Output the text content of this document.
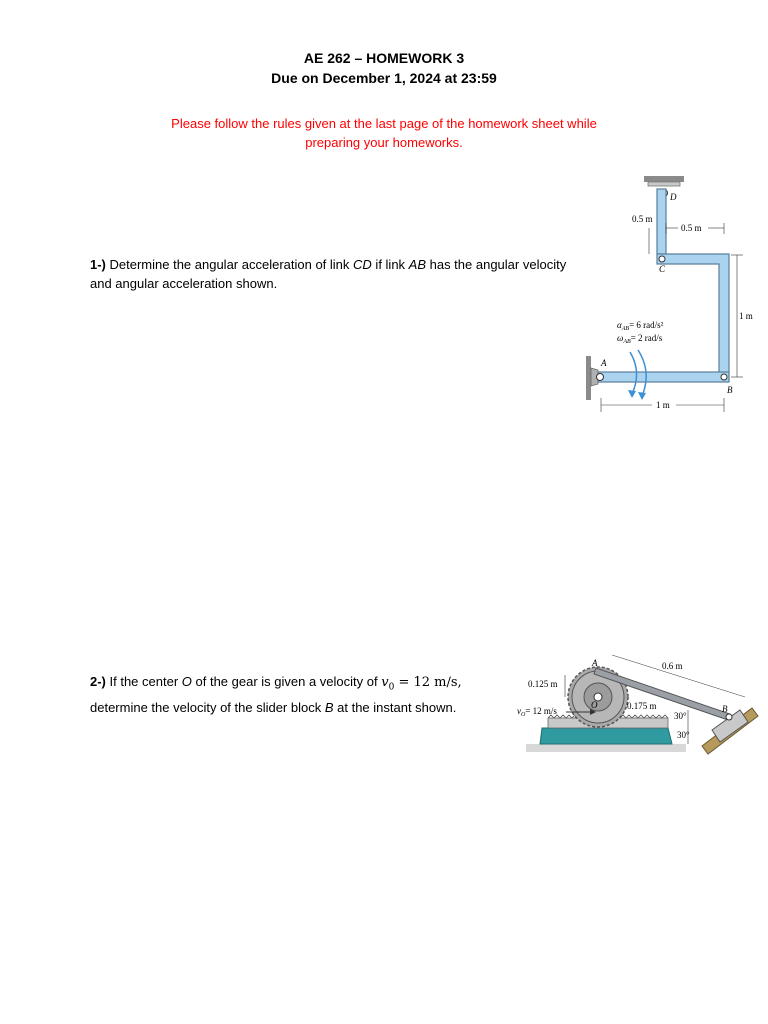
AE 262 – HOMEWORK 3
Due on December 1, 2024 at 23:59
Please follow the rules given at the last page of the homework sheet while
preparing your homeworks.
1-) Determine the angular acceleration of link CD if link AB has the angular velocity
and angular acceleration shown.
D
C
A
B
0.5 m
0.5 m
1 m
1 m
$\alpha_{AB}= 6$ rad/s²
$\omega_{AB}= 2$ rad/s
2-) If the center O of the gear is given a velocity of $v_0 = 12$ m/s,
determine the velocity of the slider block B at the instant shown.
A
O	B
0.6 m
0.125 m
0.175 m
30°
30°
$v_O= 12$ m/s
